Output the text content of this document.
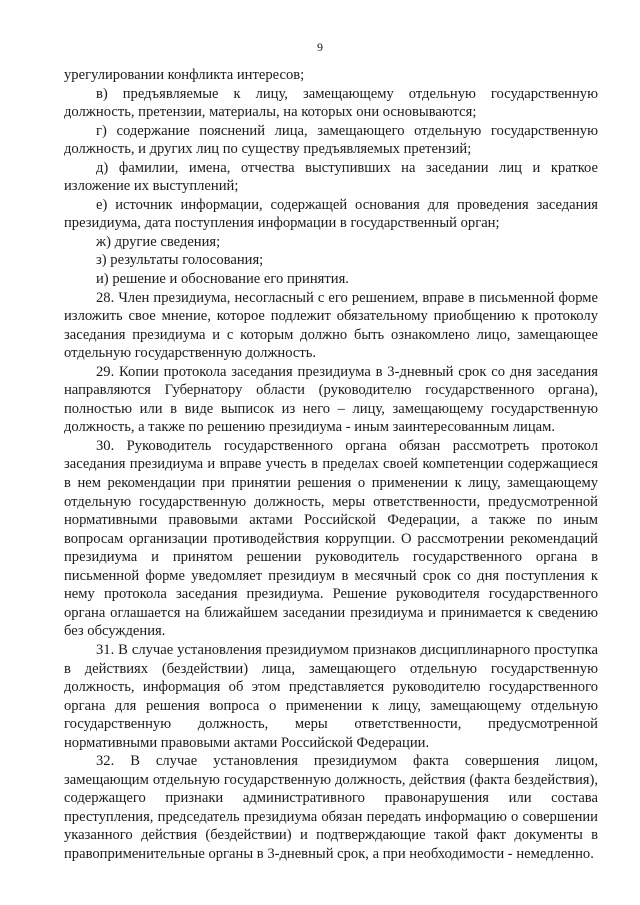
9

урегулировании конфликта интересов;

в) предъявляемые к лицу, замещающему отдельную государственную должность, претензии, материалы, на которых они основываются;

г) содержание пояснений лица, замещающего отдельную государственную должность, и других лиц по существу предъявляемых претензий;

д) фамилии, имена, отчества выступивших на заседании лиц и краткое изложение их выступлений;

е) источник информации, содержащей основания для проведения заседания президиума, дата поступления информации в государственный орган;

ж) другие сведения;

з) результаты голосования;

и) решение и обоснование его принятия.

28. Член президиума, несогласный с его решением, вправе в письменной форме изложить свое мнение, которое подлежит обязательному приобщению к протоколу заседания президиума и с которым должно быть ознакомлено лицо, замещающее отдельную государственную должность.

29. Копии протокола заседания президиума в 3-дневный срок со дня заседания направляются Губернатору области (руководителю государственного органа), полностью или в виде выписок из него – лицу, замещающему государственную должность, а также по решению президиума - иным заинтересованным лицам.

30. Руководитель государственного органа обязан рассмотреть протокол заседания президиума и вправе учесть в пределах своей компетенции содержащиеся в нем рекомендации при принятии решения о применении к лицу, замещающему отдельную государственную должность, меры ответственности, предусмотренной нормативными правовыми актами Российской Федерации, а также по иным вопросам организации противодействия коррупции. О рассмотрении рекомендаций президиума и принятом решении руководитель государственного органа в письменной форме уведомляет президиум в месячный срок со дня поступления к нему протокола заседания президиума. Решение руководителя государственного органа оглашается на ближайшем заседании президиума и принимается к сведению без обсуждения.

31. В случае установления президиумом признаков дисциплинарного проступка в действиях (бездействии) лица, замещающего отдельную государственную должность, информация об этом представляется руководителю государственного органа для решения вопроса о применении к лицу, замещающему отдельную государственную должность, меры ответственности, предусмотренной нормативными правовыми актами Российской Федерации.

32. В случае установления президиумом факта совершения лицом, замещающим отдельную государственную должность, действия (факта бездействия), содержащего признаки административного правонарушения или состава преступления, председатель президиума обязан передать информацию о совершении указанного действия (бездействии) и подтверждающие такой факт документы в правоприменительные органы в 3-дневный срок, а при необходимости - немедленно.
